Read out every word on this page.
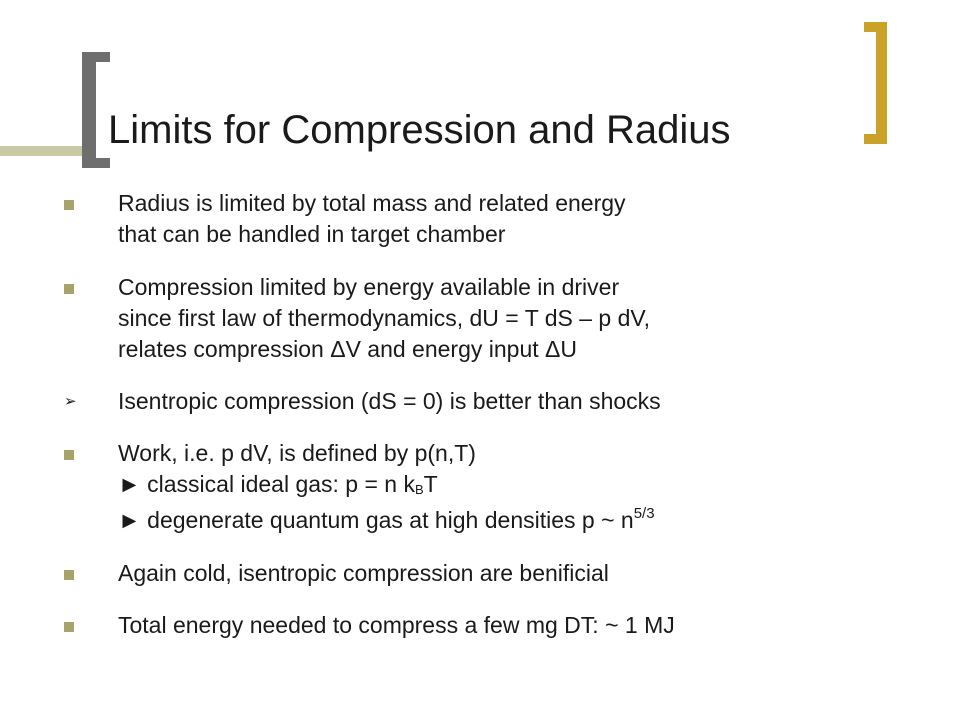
Limits for Compression and Radius
Radius is limited by total mass and related energy
that can be handled in target chamber
Compression limited by energy available in driver
since first law of thermodynamics, dU = T dS – p dV,
relates compression ΔV and energy input ΔU
➢ Isentropic compression (dS = 0) is better than shocks
Work, i.e. p dV, is defined by p(n,T)
► classical ideal gas: p = n $k_BT$
► degenerate quantum gas at high densities p ~ $n^{5/3}$
Again cold, isentropic compression are benificial
Total energy needed to compress a few mg DT: ~ 1 MJ
